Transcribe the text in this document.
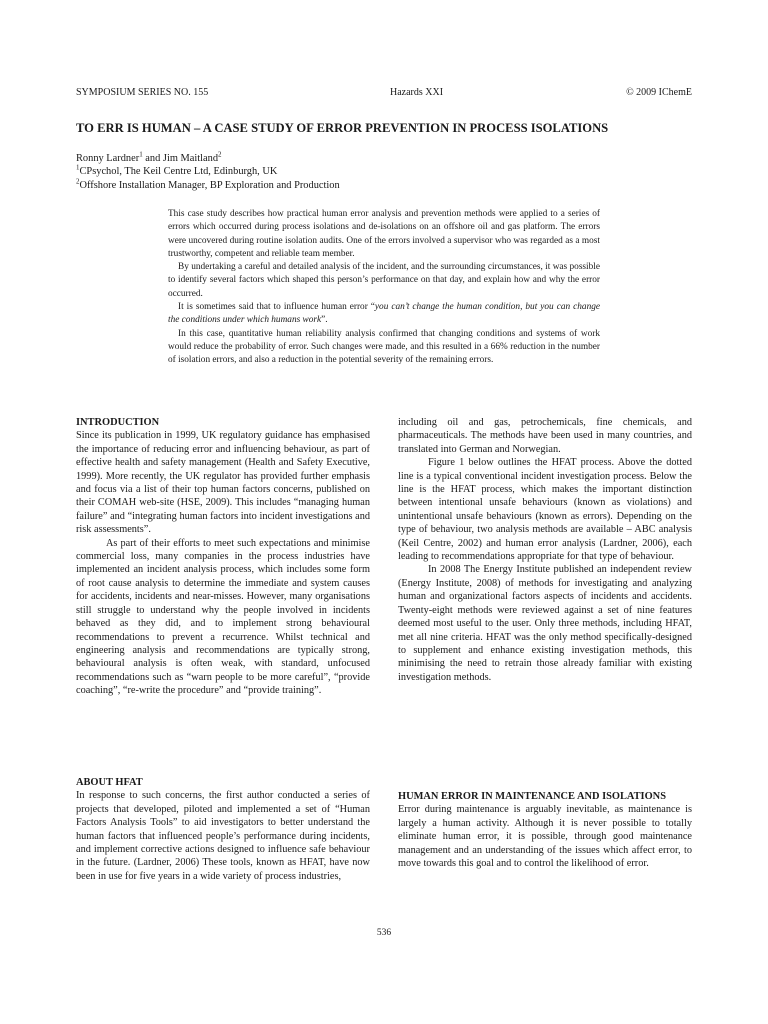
SYMPOSIUM SERIES NO. 155	Hazards XXI	© 2009 IChemE
TO ERR IS HUMAN – A CASE STUDY OF ERROR PREVENTION IN PROCESS ISOLATIONS
Ronny Lardner$^1$ and Jim Maitland$^2$
$^1$CPsychol, The Keil Centre Ltd, Edinburgh, UK
$^2$Offshore Installation Manager, BP Exploration and Production

This case study describes how practical human error analysis and prevention methods were applied to a series of errors which occurred during process isolations and de-isolations on an offshore oil and gas platform. The errors were uncovered during routine isolation audits. One of the errors involved a supervisor who was regarded as a most trustworthy, competent and reliable team member.

By undertaking a careful and detailed analysis of the incident, and the surrounding circumstances, it was possible to identify several factors which shaped this person’s performance on that day, and explain how and why the error occurred.

It is sometimes said that to influence human error “you can’t change the human condition, but you can change the conditions under which humans work”.

In this case, quantitative human reliability analysis confirmed that changing conditions and systems of work would reduce the probability of error. Such changes were made, and this resulted in a 66% reduction in the number of isolation errors, and also a reduction in the potential severity of the remaining errors.

INTRODUCTION

Since its publication in 1999, UK regulatory guidance has emphasised the importance of reducing error and influencing behaviour, as part of effective health and safety management (Health and Safety Executive, 1999). More recently, the UK regulator has provided further emphasis and focus via a list of their top human factors concerns, published on their COMAH web-site (HSE, 2009). This includes “managing human failure” and “integrating human factors into incident investigations and risk assessments”.

As part of their efforts to meet such expectations and minimise commercial loss, many companies in the process industries have implemented an incident analysis process, which includes some form of root cause analysis to determine the immediate and system causes for accidents, incidents and near-misses. However, many organisations still struggle to understand why the people involved in incidents behaved as they did, and to implement strong behavioural recommendations to prevent a recurrence. Whilst technical and engineering analysis and recommendations are typically strong, behavioural analysis is often weak, with standard, unfocused recommendations such as “warn people to be more careful”, “provide coaching”, “re-write the procedure” and “provide training”.

ABOUT HFAT

In response to such concerns, the first author conducted a series of projects that developed, piloted and implemented a set of “Human Factors Analysis Tools” to aid investigators to better understand the human factors that influenced people’s performance during incidents, and implement corrective actions designed to influence safe behaviour in the future. (Lardner, 2006) These tools, known as HFAT, have now been in use for five years in a wide variety of process industries,

including oil and gas, petrochemicals, fine chemicals, and pharmaceuticals. The methods have been used in many countries, and translated into German and Norwegian.

Figure 1 below outlines the HFAT process. Above the dotted line is a typical conventional incident investigation process. Below the line is the HFAT process, which makes the important distinction between intentional unsafe behaviours (known as violations) and unintentional unsafe behaviours (known as errors). Depending on the type of behaviour, two analysis methods are available – ABC analysis (Keil Centre, 2002) and human error analysis (Lardner, 2006), each leading to recommendations appropriate for that type of behaviour.

In 2008 The Energy Institute published an independent review (Energy Institute, 2008) of methods for investigating and analyzing human and organizational factors aspects of incidents and accidents. Twenty-eight methods were reviewed against a set of nine features deemed most useful to the user. Only three methods, including HFAT, met all nine criteria. HFAT was the only method specifically-designed to supplement and enhance existing investigation methods, this minimising the need to retrain those already familiar with existing investigation methods.

HUMAN ERROR IN MAINTENANCE AND ISOLATIONS

Error during maintenance is arguably inevitable, as maintenance is largely a human activity. Although it is never possible to totally eliminate human error, it is possible, through good maintenance management and an understanding of the issues which affect error, to move towards this goal and to control the likelihood of error.

536
